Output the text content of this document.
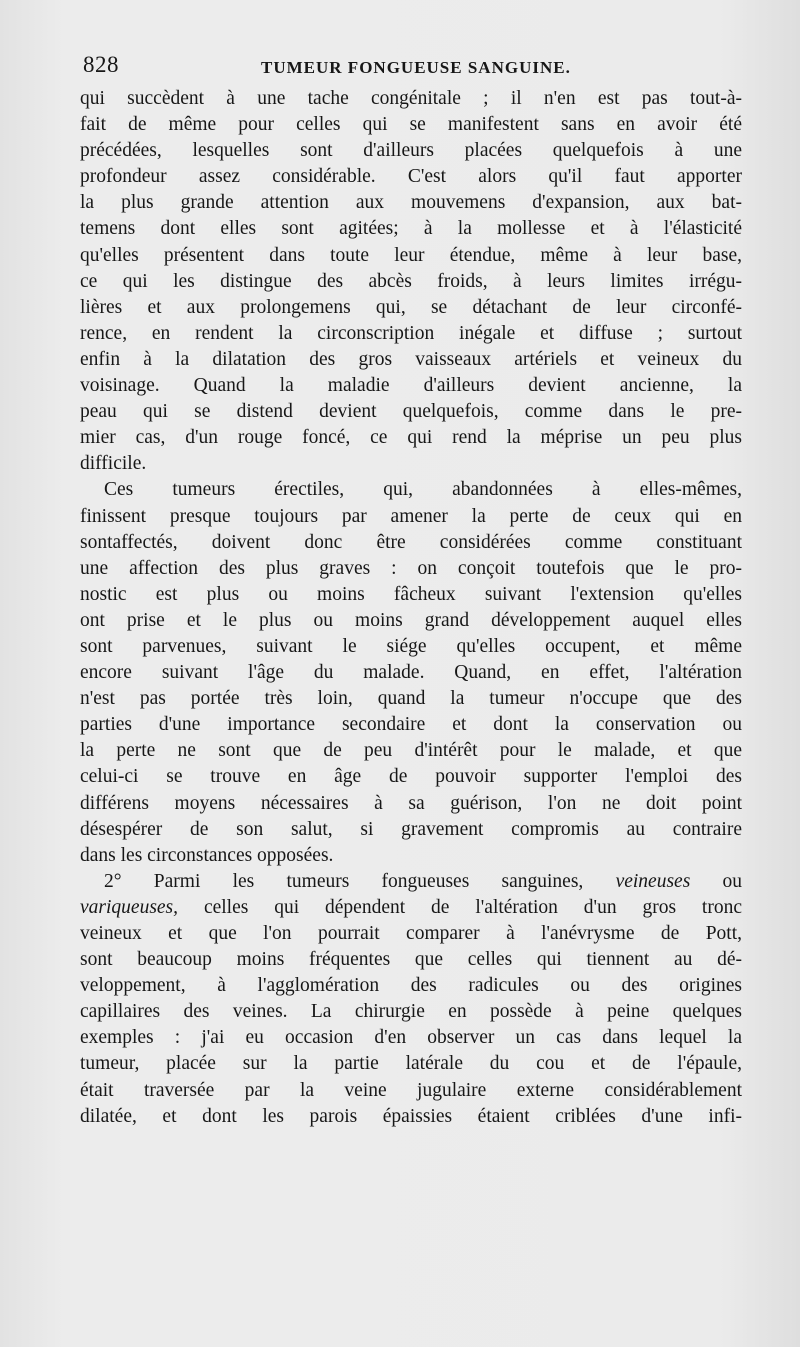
828	TUMEUR FONGUEUSE SANGUINE.
qui succèdent à une tache congénitale ; il n'en est pas tout-à-
fait de même pour celles qui se manifestent sans en avoir été
précédées, lesquelles sont d'ailleurs placées quelquefois à une
profondeur assez considérable. C'est alors qu'il faut apporter
la plus grande attention aux mouvemens d'expansion, aux bat-
temens dont elles sont agitées; à la mollesse et à l'élasticité
qu'elles présentent dans toute leur étendue, même à leur base,
ce qui les distingue des abcès froids, à leurs limites irrégu-
lières et aux prolongemens qui, se détachant de leur circonfé-
rence, en rendent la circonscription inégale et diffuse ; surtout
enfin à la dilatation des gros vaisseaux artériels et veineux du
voisinage. Quand la maladie d'ailleurs devient ancienne, la
peau qui se distend devient quelquefois, comme dans le pre-
mier cas, d'un rouge foncé, ce qui rend la méprise un peu plus
difficile.
Ces tumeurs érectiles, qui, abandonnées à elles-mêmes,
finissent presque toujours par amener la perte de ceux qui en
sontaffectés, doivent donc être considérées comme constituant
une affection des plus graves : on conçoit toutefois que le pro-
nostic est plus ou moins fâcheux suivant l'extension qu'elles
ont prise et le plus ou moins grand développement auquel elles
sont parvenues, suivant le siége qu'elles occupent, et même
encore suivant l'âge du malade. Quand, en effet, l'altération
n'est pas portée très loin, quand la tumeur n'occupe que des
parties d'une importance secondaire et dont la conservation ou
la perte ne sont que de peu d'intérêt pour le malade, et que
celui-ci se trouve en âge de pouvoir supporter l'emploi des
différens moyens nécessaires à sa guérison, l'on ne doit point
désespérer de son salut, si gravement compromis au contraire
dans les circonstances opposées.
2° Parmi les tumeurs fongueuses sanguines, veineuses ou
variqueuses, celles qui dépendent de l'altération d'un gros tronc
veineux et que l'on pourrait comparer à l'anévrysme de Pott,
sont beaucoup moins fréquentes que celles qui tiennent au dé-
veloppement, à l'agglomération des radicules ou des origines
capillaires des veines. La chirurgie en possède à peine quelques
exemples : j'ai eu occasion d'en observer un cas dans lequel la
tumeur, placée sur la partie latérale du cou et de l'épaule,
était traversée par la veine jugulaire externe considérablement
dilatée, et dont les parois épaissies étaient criblées d'une infi-
